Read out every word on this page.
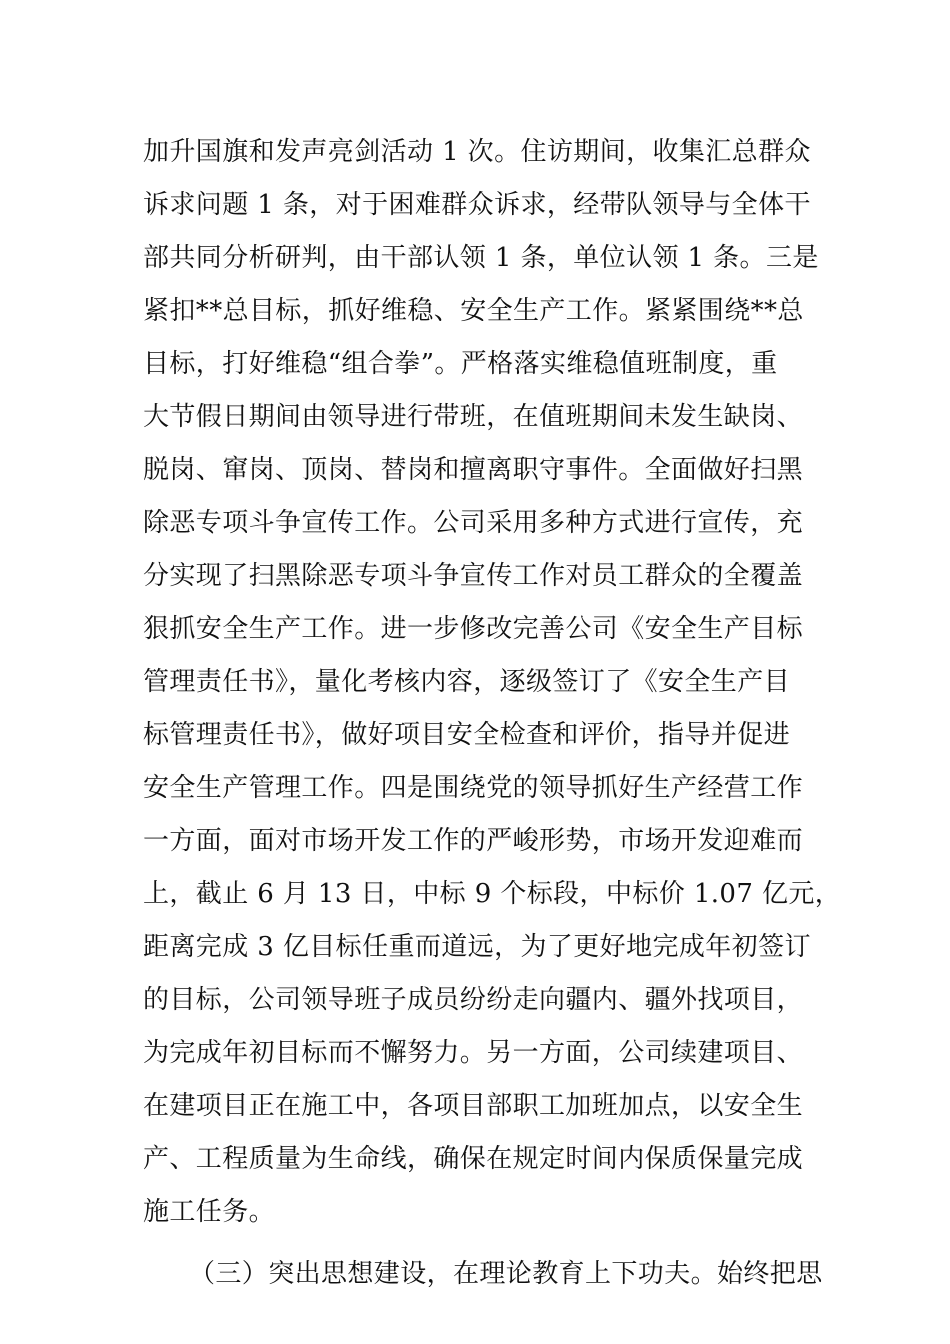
加升国旗和发声亮剑活动 1 次。住访期间，收集汇总群众
诉求问题 1 条，对于困难群众诉求，经带队领导与全体干
部共同分析研判，由干部认领 1 条，单位认领 1 条。三是
紧扣**总目标，抓好维稳、安全生产工作。紧紧围绕**总
目标，打好维稳“组合拳”。严格落实维稳值班制度，重
大节假日期间由领导进行带班，在值班期间未发生缺岗、
脱岗、窜岗、顶岗、替岗和擅离职守事件。全面做好扫黑
除恶专项斗争宣传工作。公司采用多种方式进行宣传，充
分实现了扫黑除恶专项斗争宣传工作对员工群众的全覆盖
狠抓安全生产工作。进一步修改完善公司《安全生产目标
管理责任书》，量化考核内容，逐级签订了《安全生产目
标管理责任书》，做好项目安全检查和评价，指导并促进
安全生产管理工作。四是围绕党的领导抓好生产经营工作
一方面，面对市场开发工作的严峻形势，市场开发迎难而
上，截止 6 月 13 日，中标 9 个标段，中标价 1.07 亿元，
距离完成 3 亿目标任重而道远，为了更好地完成年初签订
的目标，公司领导班子成员纷纷走向疆内、疆外找项目，
为完成年初目标而不懈努力。另一方面，公司续建项目、
在建项目正在施工中，各项目部职工加班加点，以安全生
产、工程质量为生命线，确保在规定时间内保质保量完成
施工任务。
（三）突出思想建设，在理论教育上下功夫。始终把思
